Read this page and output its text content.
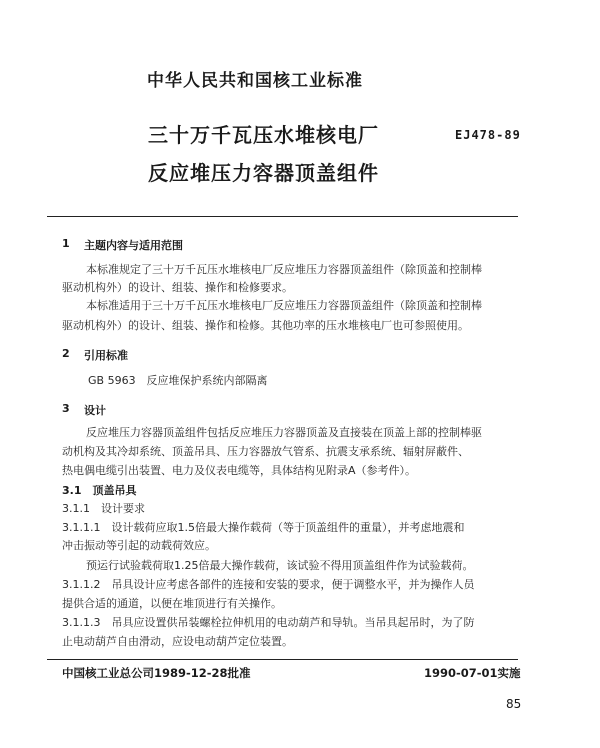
中华人民共和国核工业标准
三十万千瓦压水堆核电厂
反应堆压力容器顶盖组件
EJ478-89
1 主题内容与适用范围
本标准规定了三十万千瓦压水堆核电厂反应堆压力容器顶盖组件（除顶盖和控制棒
驱动机构外）的设计、组装、操作和检修要求。
本标准适用于三十万千瓦压水堆核电厂反应堆压力容器顶盖组件（除顶盖和控制棒
驱动机构外）的设计、组装、操作和检修。其他功率的压水堆核电厂也可参照使用。
2 引用标准
GB 5963　反应堆保护系统内部隔离
3 设计
反应堆压力容器顶盖组件包括反应堆压力容器顶盖及直接装在顶盖上部的控制棒驱
动机构及其冷却系统、顶盖吊具、压力容器放气管系、抗震支承系统、辐射屏蔽件、
热电偶电缆引出装置、电力及仪表电缆等，具体结构见附录A（参考件）。
3.1　顶盖吊具
3.1.1　设计要求
3.1.1.1　设计载荷应取1.5倍最大操作载荷（等于顶盖组件的重量），并考虑地震和
冲击振动等引起的动载荷效应。
预运行试验载荷取1.25倍最大操作载荷，该试验不得用顶盖组件作为试验载荷。
3.1.1.2　吊具设计应考虑各部件的连接和安装的要求，便于调整水平，并为操作人员
提供合适的通道，以便在堆顶进行有关操作。
3.1.1.3　吊具应设置供吊装螺栓拉伸机用的电动葫芦和导轨。当吊具起吊时，为了防
止电动葫芦自由滑动，应设电动葫芦定位装置。
中国核工业总公司1989-12-28批准	1990-07-01实施
85
